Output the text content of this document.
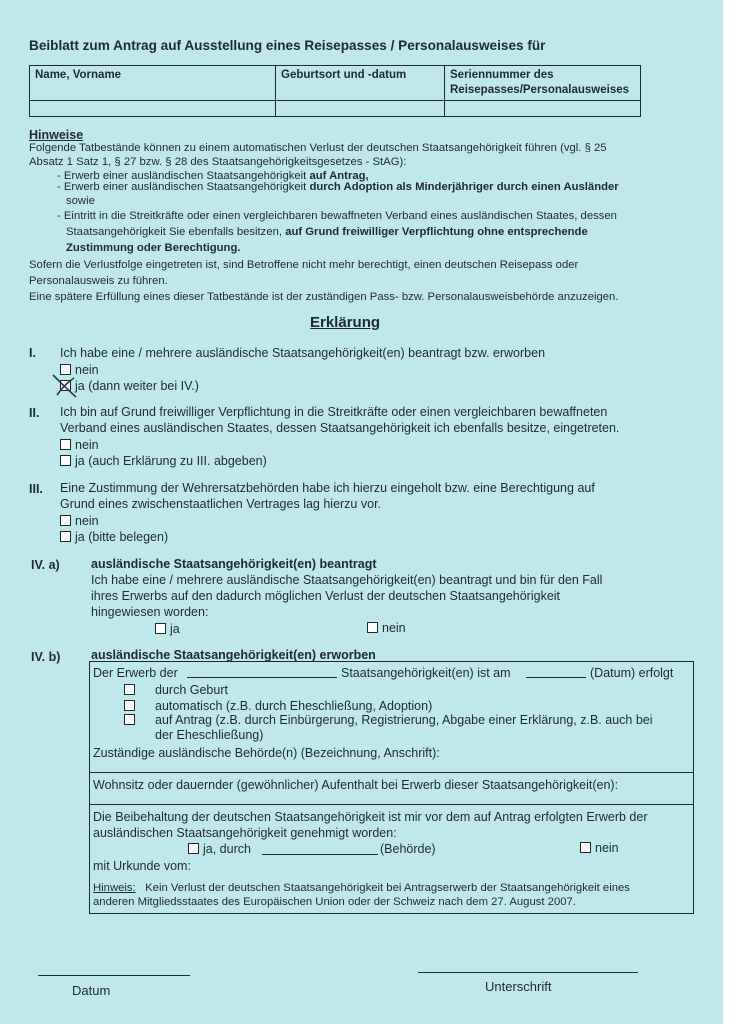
Beiblatt zum Antrag auf Ausstellung eines Reisepasses / Personalausweises für
Name, Vorname	Geburtsort und -datum	Seriennummer des
Reisepasses/Personalausweises

Hinweise
Folgende Tatbestände können zu einem automatischen Verlust der deutschen Staatsangehörigkeit führen (vgl. § 25
Absatz 1 Satz 1, § 27 bzw. § 28 des Staatsangehörigkeitsgesetzes - StAG):
- Erwerb einer ausländischen Staatsangehörigkeit auf Antrag,
- Erwerb einer ausländischen Staatsangehörigkeit durch Adoption als Minderjähriger durch einen Ausländer
sowie
- Eintritt in die Streitkräfte oder einen vergleichbaren bewaffneten Verband eines ausländischen Staates, dessen
Staatsangehörigkeit Sie ebenfalls besitzen, auf Grund freiwilliger Verpflichtung ohne entsprechende
Zustimmung oder Berechtigung.
Sofern die Verlustfolge eingetreten ist, sind Betroffene nicht mehr berechtigt, einen deutschen Reisepass oder
Personalausweis zu führen.
Eine spätere Erfüllung eines dieser Tatbestände ist der zuständigen Pass- bzw. Personalausweisbehörde anzuzeigen.
Erklärung
I. Ich habe eine / mehrere ausländische Staatsangehörigkeit(en) beantragt bzw. erworben
nein
ja (dann weiter bei IV.)
II. Ich bin auf Grund freiwilliger Verpflichtung in die Streitkräfte oder einen vergleichbaren bewaffneten
Verband eines ausländischen Staates, dessen Staatsangehörigkeit ich ebenfalls besitze, eingetreten.
nein
ja (auch Erklärung zu III. abgeben)
III. Eine Zustimmung der Wehrersatzbehörden habe ich hierzu eingeholt bzw. eine Berechtigung auf
Grund eines zwischenstaatlichen Vertrages lag hierzu vor.
nein
ja (bitte belegen)
IV. a)	ausländische Staatsangehörigkeit(en) beantragt
Ich habe eine / mehrere ausländische Staatsangehörigkeit(en) beantragt und bin für den Fall
ihres Erwerbs auf den dadurch möglichen Verlust der deutschen Staatsangehörigkeit
hingewiesen worden:
ja	nein
IV. b) ausländische Staatsangehörigkeit(en) erworben
Der Erwerb der	Staatsangehörigkeit(en) ist am	(Datum) erfolgt
durch Geburt
automatisch (z.B. durch Eheschließung, Adoption)
auf Antrag (z.B. durch Einbürgerung, Registrierung, Abgabe einer Erklärung, z.B. auch bei
der Eheschließung)
Zuständige ausländische Behörde(n) (Bezeichnung, Anschrift):
Wohnsitz oder dauernder (gewöhnlicher) Aufenthalt bei Erwerb dieser Staatsangehörigkeit(en):
Die Beibehaltung der deutschen Staatsangehörigkeit ist mir vor dem auf Antrag erfolgten Erwerb der
ausländischen Staatsangehörigkeit genehmigt worden:
ja, durch	(Behörde)	nein
mit Urkunde vom:
Hinweis: Kein Verlust der deutschen Staatsangehörigkeit bei Antragserwerb der Staatsangehörigkeit eines
anderen Mitgliedsstaates des Europäischen Union oder der Schweiz nach dem 27. August 2007.
Datum	Unterschrift
